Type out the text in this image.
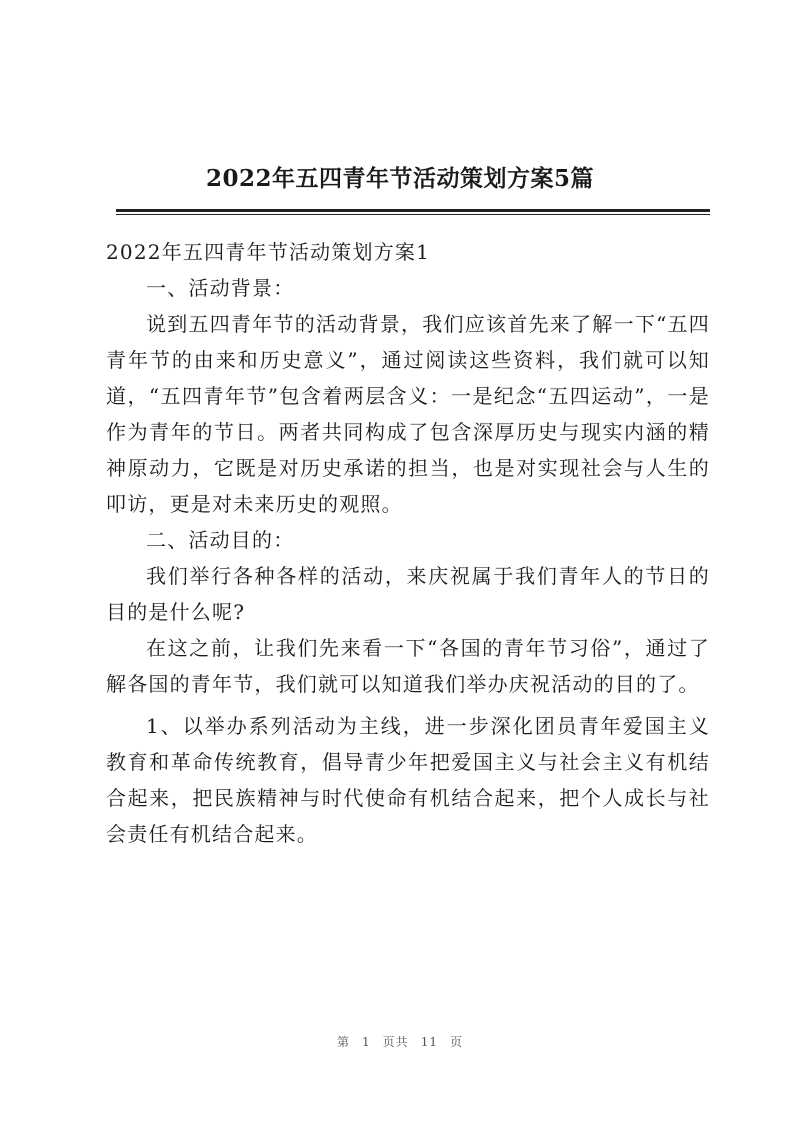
2022年五四青年节活动策划方案5篇

2022年五四青年节活动策划方案1

一、活动背景：

说到五四青年节的活动背景，我们应该首先来了解一下“五四青年节的由来和历史意义”，通过阅读这些资料，我们就可以知道，“五四青年节”包含着两层含义：一是纪念“五四运动”，一是作为青年的节日。两者共同构成了包含深厚历史与现实内涵的精神原动力，它既是对历史承诺的担当，也是对实现社会与人生的叩访，更是对未来历史的观照。

二、活动目的：

我们举行各种各样的活动，来庆祝属于我们青年人的节日的目的是什么呢?

在这之前，让我们先来看一下“各国的青年节习俗”，通过了解各国的青年节，我们就可以知道我们举办庆祝活动的目的了。

1、以举办系列活动为主线，进一步深化团员青年爱国主义教育和革命传统教育，倡导青少年把爱国主义与社会主义有机结合起来，把民族精神与时代使命有机结合起来，把个人成长与社会责任有机结合起来。

第 1 页共 11 页
